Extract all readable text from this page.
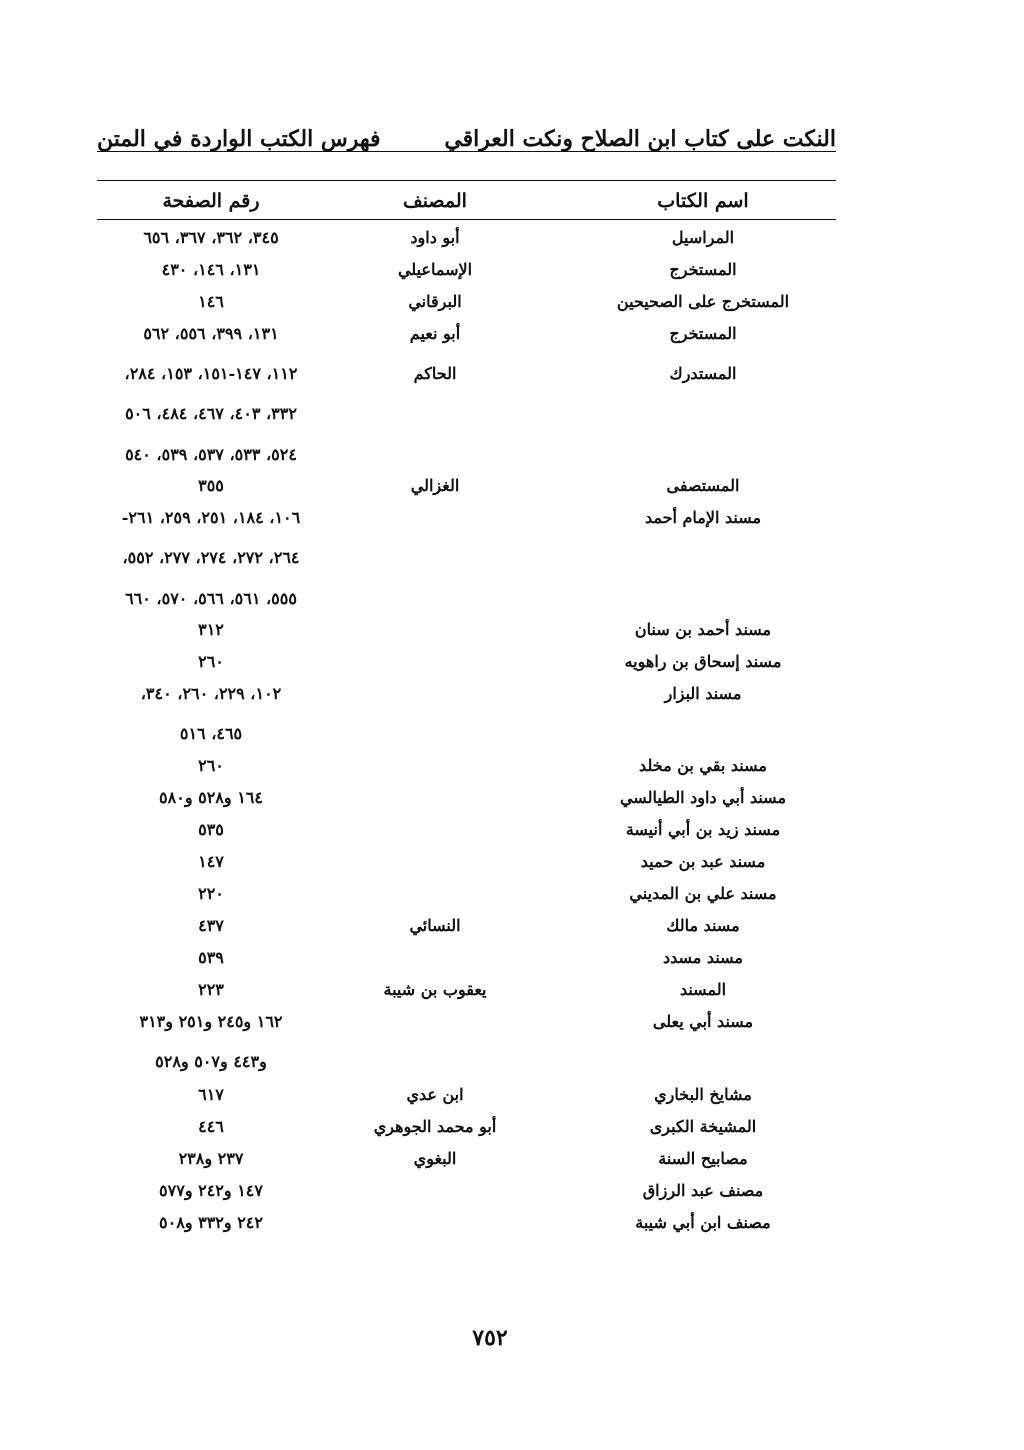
النكت على كتاب ابن الصلاح ونكت العراقي
فهرس الكتب الواردة في المتن
اسم الكتاب
المصنف
رقم الصفحة
المراسيل
أبو داود
٣٤٥، ٣٦٢، ٣٦٧، ٦٥٦
المستخرج
الإسماعيلي
١٣١، ١٤٦، ٤٣٠
المستخرج على الصحيحين
البرقاني
١٤٦
المستخرج
أبو نعيم
١٣١، ٣٩٩، ٥٥٦، ٥٦٢
المستدرك
الحاكم
١١٢، ١٤٧-١٥١، ١٥٣، ٢٨٤،
٣٣٢، ٤٠٣، ٤٦٧، ٤٨٤، ٥٠٦
٥٢٤، ٥٣٣، ٥٣٧، ٥٣٩، ٥٤٠
المستصفى
الغزالي
٣٥٥
مسند الإمام أحمد
١٠٦، ١٨٤، ٢٥١، ٢٥٩، ٢٦١-
٢٦٤، ٢٧٢، ٢٧٤، ٢٧٧، ٥٥٢،
٥٥٥، ٥٦١، ٥٦٦، ٥٧٠، ٦٦٠
مسند أحمد بن سنان
٣١٢
مسند إسحاق بن راهويه
٢٦٠
مسند البزار
١٠٢، ٢٢٩، ٢٦٠، ٣٤٠،
٤٦٥، ٥١٦
مسند بقي بن مخلد
٢٦٠
مسند أبي داود الطيالسي
١٦٤ و٥٢٨ و٥٨٠
مسند زيد بن أبي أنيسة
٥٣٥
مسند عبد بن حميد
١٤٧
مسند علي بن المديني
٢٢٠
مسند مالك
النسائي
٤٣٧
مسند مسدد
٥٣٩
المسند
يعقوب بن شيبة
٢٢٣
مسند أبي يعلى
١٦٢ و٢٤٥ و٢٥١ و٣١٣
و٤٤٣ و٥٠٧ و٥٢٨
مشايخ البخاري
ابن عدي
٦١٧
المشيخة الكبرى
أبو محمد الجوهري
٤٤٦
مصابيح السنة
البغوي
٢٣٧ و٢٣٨
مصنف عبد الرزاق
١٤٧ و٢٤٢ و٥٧٧
مصنف ابن أبي شيبة
٢٤٢ و٣٣٢ و٥٠٨
٧٥٢
